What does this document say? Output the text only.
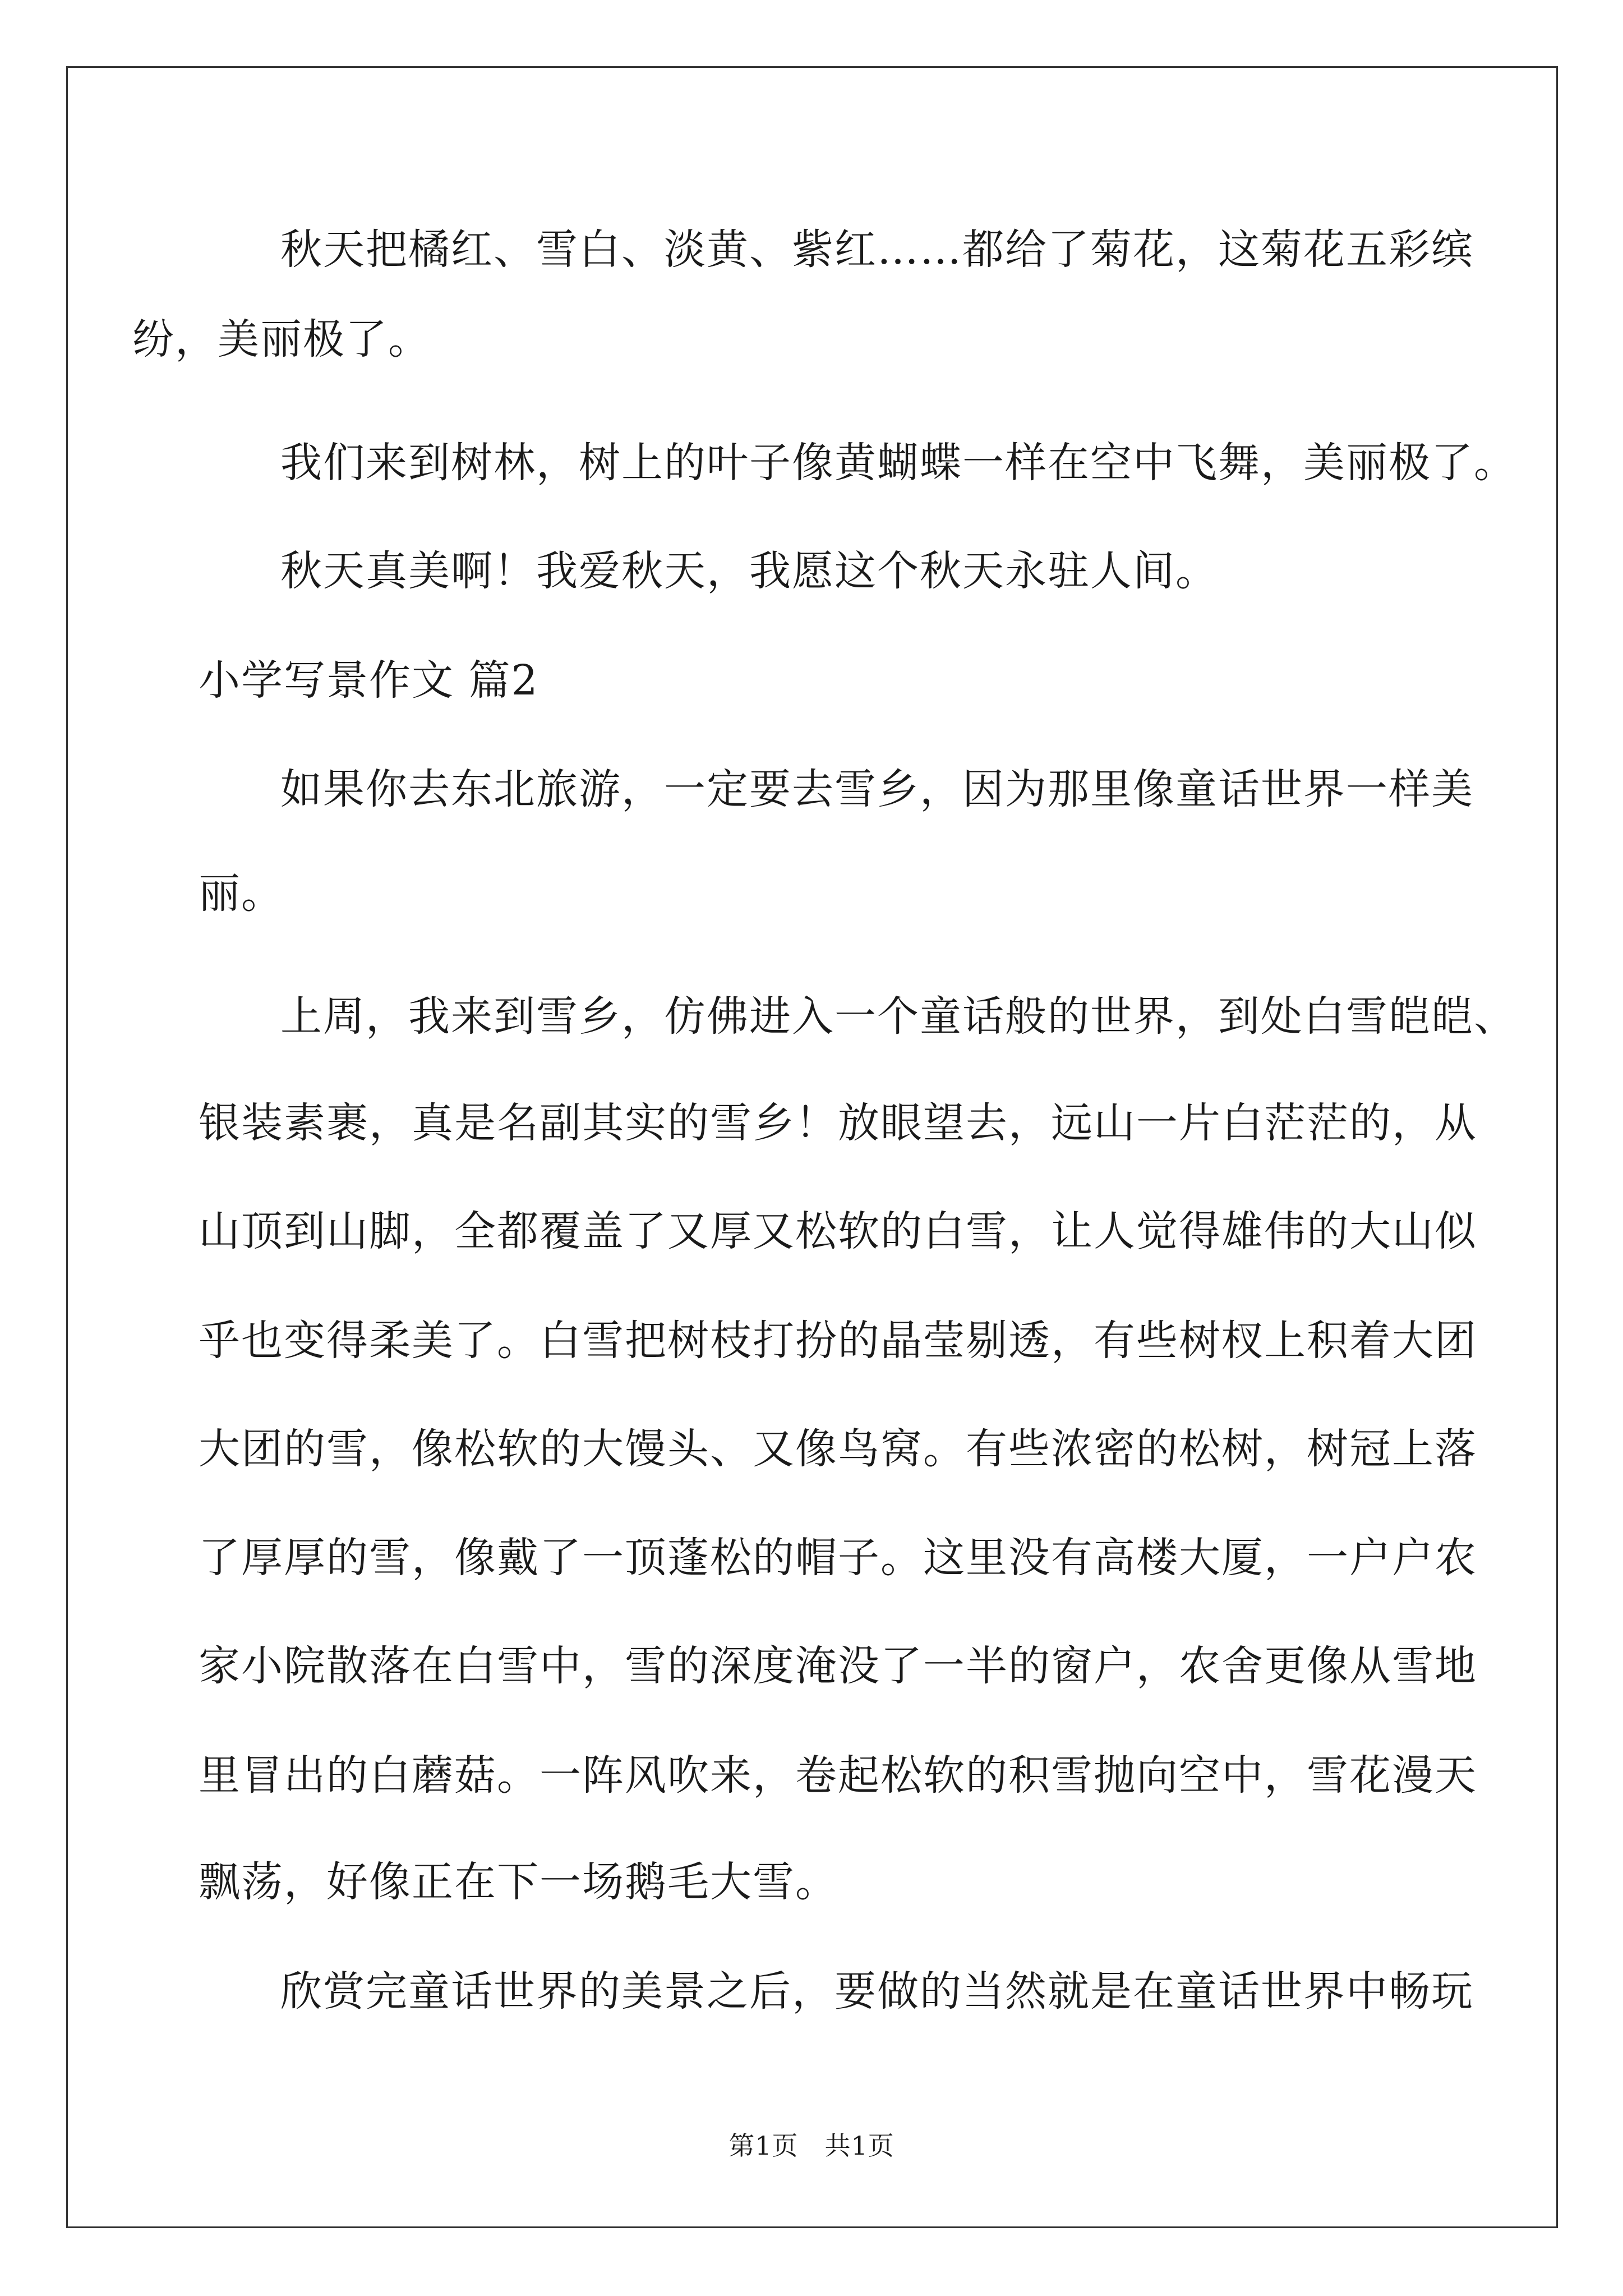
秋天把橘红、雪白、淡黄、紫红……都给了菊花，这菊花五彩缤
纷，美丽极了。
我们来到树林，树上的叶子像黄蝴蝶一样在空中飞舞，美丽极了。
秋天真美啊！我爱秋天，我愿这个秋天永驻人间。
小学写景作文 篇2
如果你去东北旅游，一定要去雪乡，因为那里像童话世界一样美
丽。
上周，我来到雪乡，仿佛进入一个童话般的世界，到处白雪皑皑、
银装素裹，真是名副其实的雪乡！放眼望去，远山一片白茫茫的，从
山顶到山脚，全都覆盖了又厚又松软的白雪，让人觉得雄伟的大山似
乎也变得柔美了。白雪把树枝打扮的晶莹剔透，有些树杈上积着大团
大团的雪，像松软的大馒头、又像鸟窝。有些浓密的松树，树冠上落
了厚厚的雪，像戴了一顶蓬松的帽子。这里没有高楼大厦，一户户农
家小院散落在白雪中，雪的深度淹没了一半的窗户，农舍更像从雪地
里冒出的白蘑菇。一阵风吹来，卷起松软的积雪抛向空中，雪花漫天
飘荡，好像正在下一场鹅毛大雪。
欣赏完童话世界的美景之后，要做的当然就是在童话世界中畅玩
第1页　共1页
